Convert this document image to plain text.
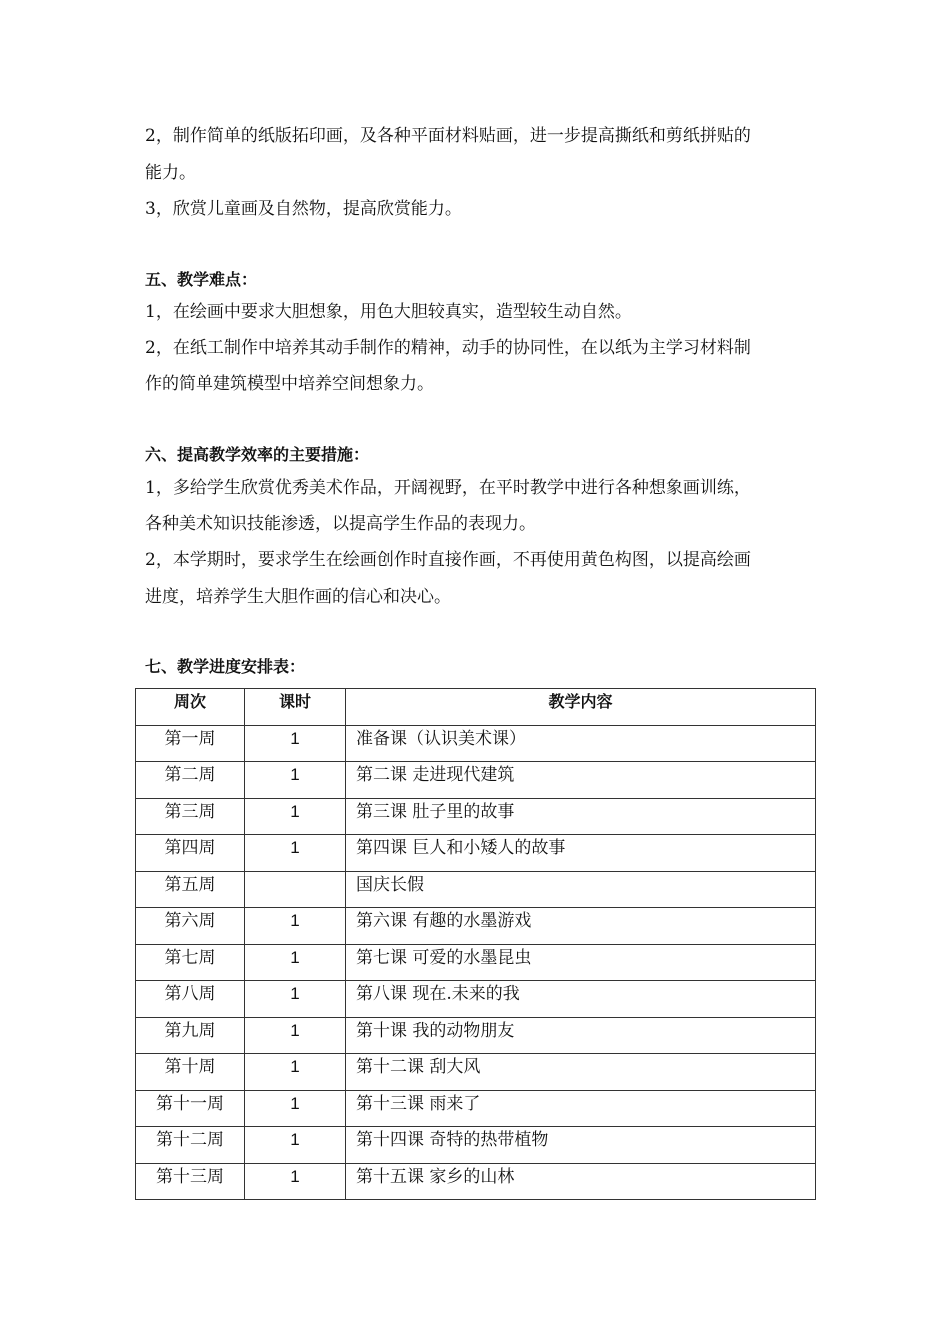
2，制作简单的纸版拓印画，及各种平面材料贴画，进一步提高撕纸和剪纸拼贴的
能力。
3，欣赏儿童画及自然物，提高欣赏能力。
五、教学难点：
1，在绘画中要求大胆想象，用色大胆较真实，造型较生动自然。
2，在纸工制作中培养其动手制作的精神，动手的协同性，在以纸为主学习材料制
作的简单建筑模型中培养空间想象力。
六、提高教学效率的主要措施：
1，多给学生欣赏优秀美术作品，开阔视野，在平时教学中进行各种想象画训练，
各种美术知识技能渗透，以提高学生作品的表现力。
2，本学期时，要求学生在绘画创作时直接作画，不再使用黄色构图，以提高绘画
进度，培养学生大胆作画的信心和决心。
七、教学进度安排表：
周次	课时	教学内容
第一周	1	准备课（认识美术课）
第二周	1	第二课 走进现代建筑
第三周	1	第三课 肚子里的故事
第四周	1	第四课 巨人和小矮人的故事
第五周		国庆长假
第六周	1	第六课 有趣的水墨游戏
第七周	1	第七课 可爱的水墨昆虫
第八周	1	第八课 现在.未来的我
第九周	1	第十课 我的动物朋友
第十周	1	第十二课 刮大风
第十一周	1	第十三课 雨来了
第十二周	1	第十四课 奇特的热带植物
第十三周	1	第十五课 家乡的山林
